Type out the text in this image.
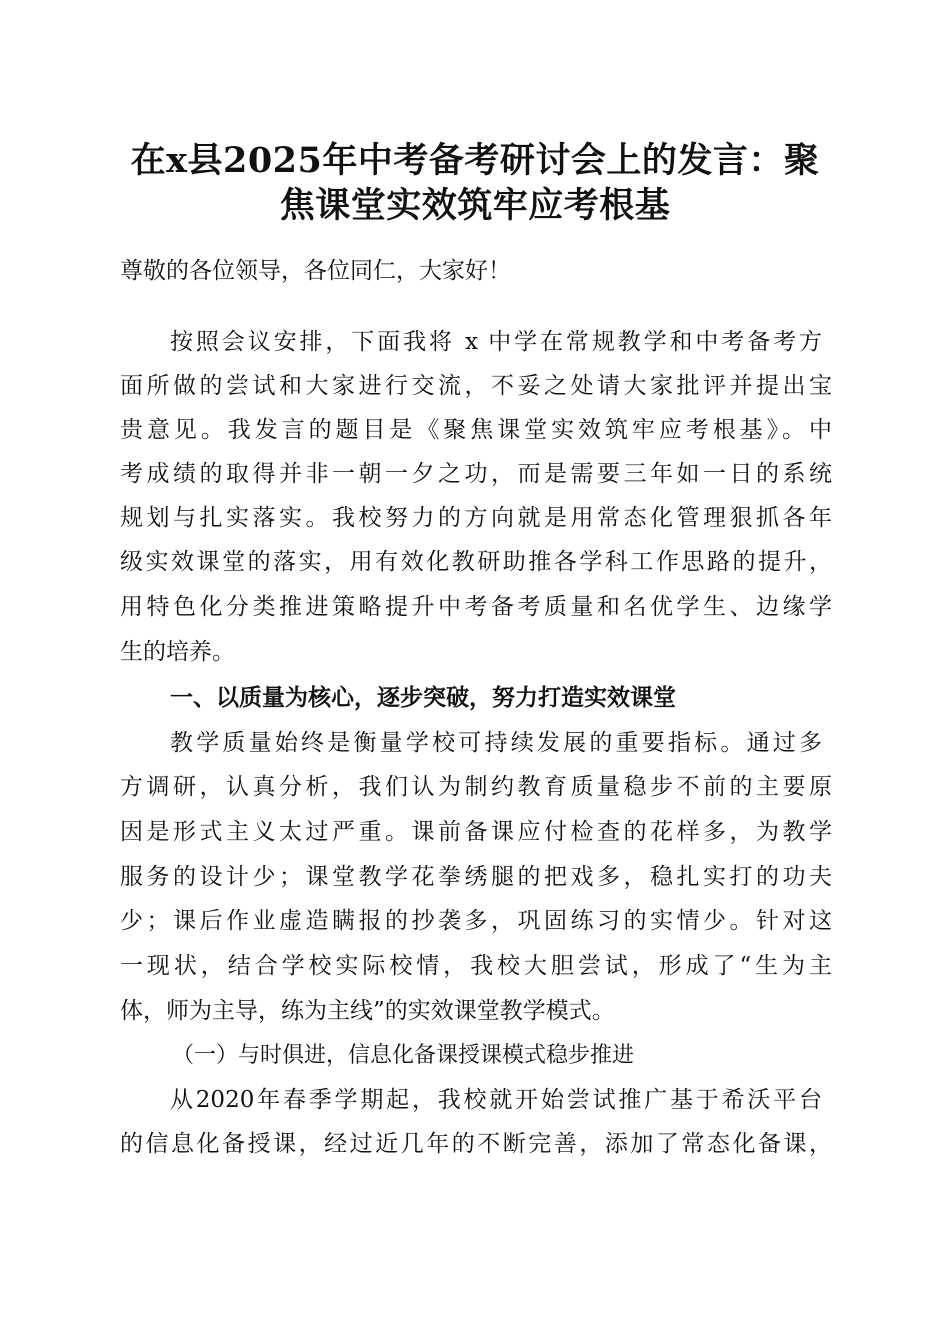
在x县2025年中考备考研讨会上的发言：聚
焦课堂实效筑牢应考根基
尊敬的各位领导，各位同仁，大家好！
按照会议安排，下面我将 x 中学在常规教学和中考备考方
面所做的尝试和大家进行交流，不妥之处请大家批评并提出宝
贵意见。我发言的题目是《聚焦课堂实效筑牢应考根基》。中
考成绩的取得并非一朝一夕之功，而是需要三年如一日的系统
规划与扎实落实。我校努力的方向就是用常态化管理狠抓各年
级实效课堂的落实，用有效化教研助推各学科工作思路的提升，
用特色化分类推进策略提升中考备考质量和名优学生、边缘学
生的培养。
一、以质量为核心，逐步突破，努力打造实效课堂
教学质量始终是衡量学校可持续发展的重要指标。通过多
方调研，认真分析，我们认为制约教育质量稳步不前的主要原
因是形式主义太过严重。课前备课应付检查的花样多，为教学
服务的设计少；课堂教学花拳绣腿的把戏多，稳扎实打的功夫
少；课后作业虚造瞒报的抄袭多，巩固练习的实情少。针对这
一现状，结合学校实际校情，我校大胆尝试，形成了“生为主
体，师为主导，练为主线”的实效课堂教学模式。
（一）与时俱进，信息化备课授课模式稳步推进
从2020年春季学期起，我校就开始尝试推广基于希沃平台
的信息化备授课，经过近几年的不断完善，添加了常态化备课，
